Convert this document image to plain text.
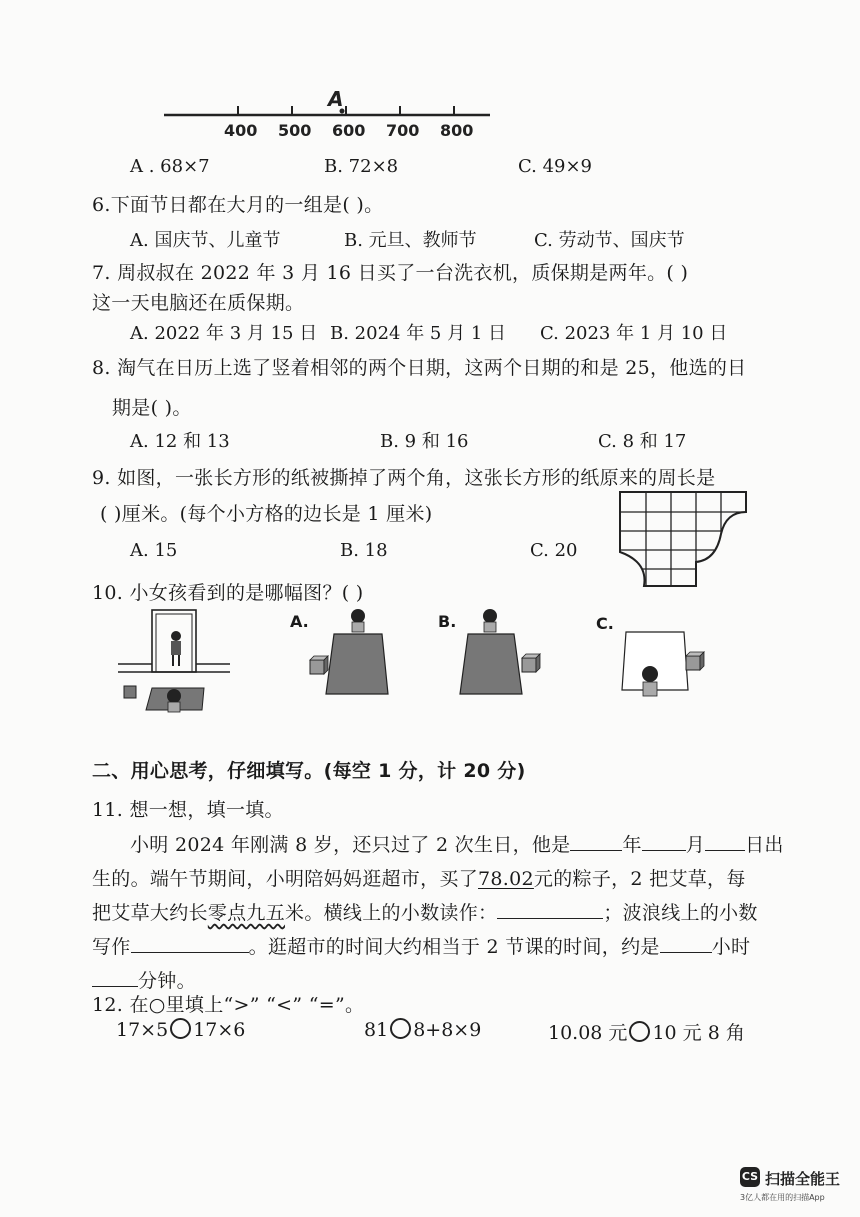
A
400 500 600 700 800
A . 68×7	B. 72×8	C. 49×9
6.下面节日都在大月的一组是( )。
A. 国庆节、儿童节	B. 元旦、教师节	C. 劳动节、国庆节
7. 周叔叔在 2022 年 3 月 16 日买了一台洗衣机，质保期是两年。( )
这一天电脑还在质保期。
A. 2022 年 3 月 15 日 B. 2024 年 5 月 1 日 C. 2023 年 1 月 10 日
8. 淘气在日历上选了竖着相邻的两个日期，这两个日期的和是 25，他选的日
期是( )。
A. 12 和 13	B. 9 和 16	C. 8 和 17
9. 如图，一张长方形的纸被撕掉了两个角，这张长方形的纸原来的周长是
( )厘米。(每个小方格的边长是 1 厘米)
A. 15	B. 18	C. 20
10. 小女孩看到的是哪幅图？( )
A.	B.	C.
二、用心思考，仔细填写。(每空 1 分，计 20 分)
11. 想一想，填一填。
小明 2024 年刚满 8 岁，还只过了 2 次生日，他是	年 月 日出
生的。端午节期间，小明陪妈妈逛超市，买了78.02元的粽子，2 把艾草，每
把艾草大约长零点九五米。横线上的小数读作：	；波浪线上的小数
写作	。逛超市的时间大约相当于 2 节课的时间，约是	小时
分钟。
12. 在○里填上“>” “<” “=”。
17×5 17×6	81 8+8×9	10.08 元 10 元 8 角
CS 扫描全能王
3亿人都在用的扫描App
